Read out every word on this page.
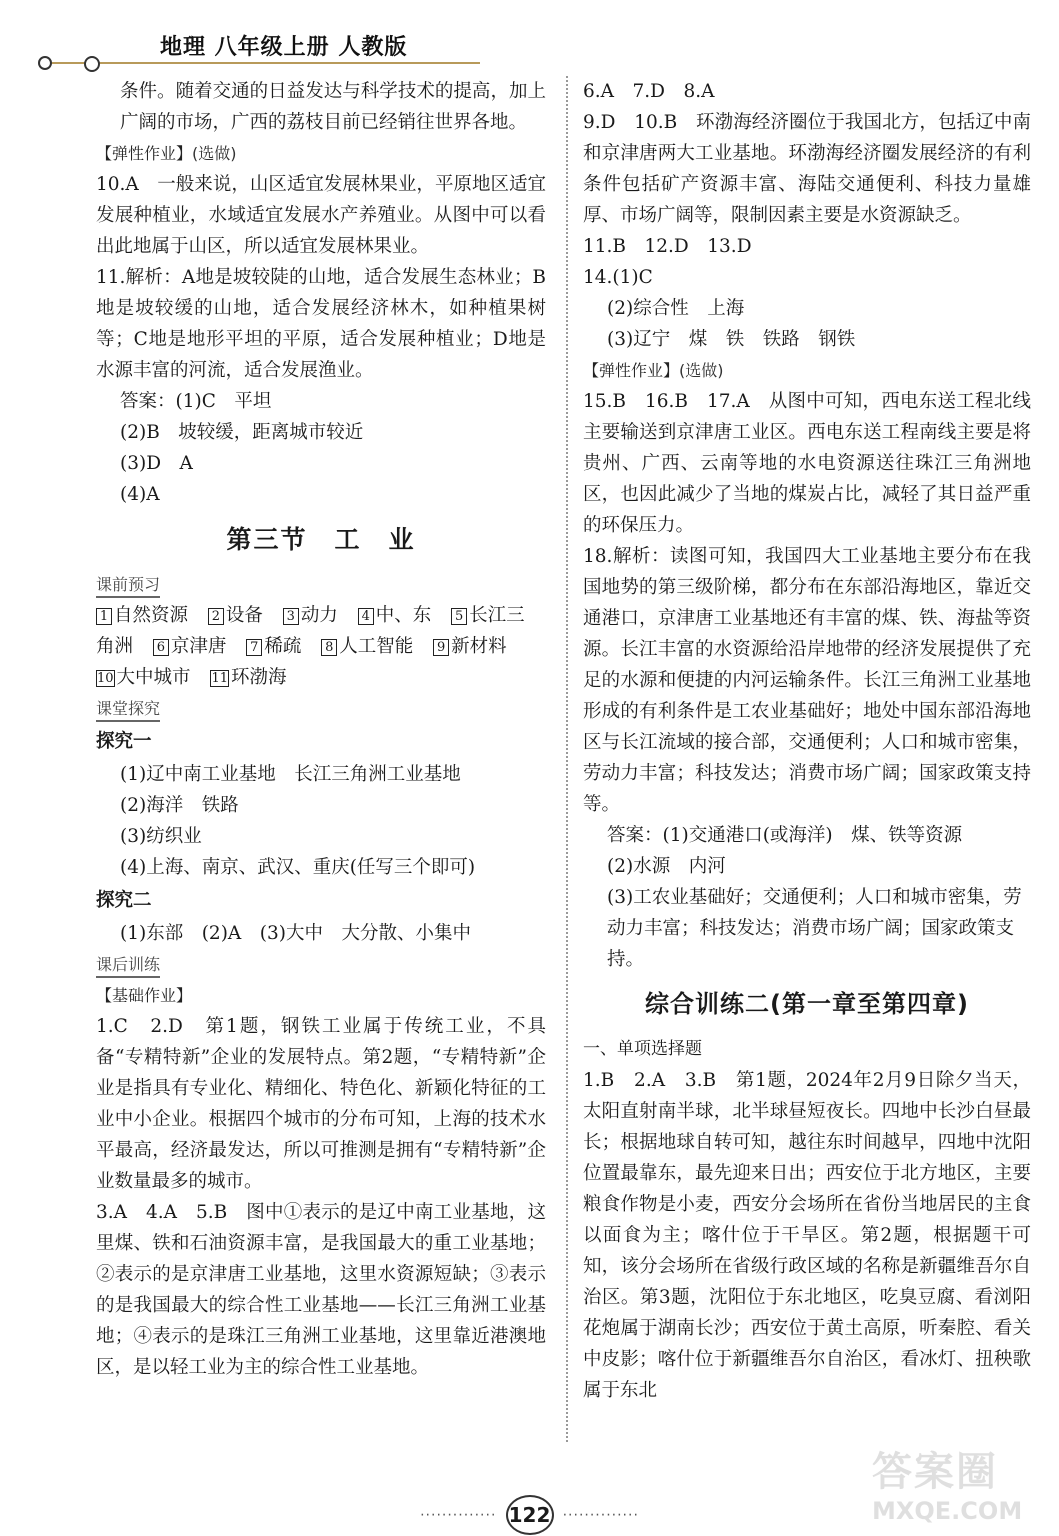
地理 八年级上册 人教版

条件。随着交通的日益发达与科学技术的提高，加上广阔的市场，广西的荔枝目前已经销往世界各地。

【弹性作业】(选做)

10.A　一般来说，山区适宜发展林果业，平原地区适宜发展种植业，水域适宜发展水产养殖业。从图中可以看出此地属于山区，所以适宜发展林果业。

11.解析：A地是坡较陡的山地，适合发展生态林业；B地是坡较缓的山地，适合发展经济林木，如种植果树等；C地是地形平坦的平原，适合发展种植业；D地是水源丰富的河流，适合发展渔业。

答案：(1)C　平坦
(2)B　坡较缓，距离城市较近
(3)D　A
(4)A
第三节　工　业
课前预习
1 自然资源 2 设备 3 动力 4 中、东 5 长江三
角洲 6 京津唐 7 稀疏 8 人工智能 9 新材料
10 大中城市 11 环渤海
课堂探究
探究一
(1)辽中南工业基地　长江三角洲工业基地
(2)海洋　铁路
(3)纺织业
(4)上海、南京、武汉、重庆(任写三个即可)
探究二
(1)东部　(2)A　(3)大中　大分散、小集中
课后训练
【基础作业】

1.C　2.D　第1题，钢铁工业属于传统工业，不具备“专精特新”企业的发展特点。第2题，“专精特新”企业是指具有专业化、精细化、特色化、新颖化特征的工业中小企业。根据四个城市的分布可知，上海的技术水平最高，经济最发达，所以可推测是拥有“专精特新”企业数量最多的城市。

3.A　4.A　5.B　图中①表示的是辽中南工业基地，这里煤、铁和石油资源丰富，是我国最大的重工业基地；②表示的是京津唐工业基地，这里水资源短缺；③表示的是我国最大的综合性工业基地——长江三角洲工业基地；④表示的是珠江三角洲工业基地，这里靠近港澳地区，是以轻工业为主的综合性工业基地。

6.A　7.D　8.A

9.D　10.B　环渤海经济圈位于我国北方，包括辽中南和京津唐两大工业基地。环渤海经济圈发展经济的有利条件包括矿产资源丰富、海陆交通便利、科技力量雄厚、市场广阔等，限制因素主要是水资源缺乏。

11.B　12.D　13.D

14.(1)C
(2)综合性　上海
(3)辽宁　煤　铁　铁路　钢铁
【弹性作业】(选做)

15.B　16.B　17.A　从图中可知，西电东送工程北线主要输送到京津唐工业区。西电东送工程南线主要是将贵州、广西、云南等地的水电资源送往珠江三角洲地区，也因此减少了当地的煤炭占比，减轻了其日益严重的环保压力。

18.解析：读图可知，我国四大工业基地主要分布在我国地势的第三级阶梯，都分布在东部沿海地区，靠近交通港口，京津唐工业基地还有丰富的煤、铁、海盐等资源。长江丰富的水资源给沿岸地带的经济发展提供了充足的水源和便捷的内河运输条件。长江三角洲工业基地形成的有利条件是工农业基础好；地处中国东部沿海地区与长江流域的接合部，交通便利；人口和城市密集，劳动力丰富；科技发达；消费市场广阔；国家政策支持等。

答案：(1)交通港口(或海洋)　煤、铁等资源
(2)水源　内河
(3)工农业基础好；交通便利；人口和城市密集，劳动力丰富；科技发达；消费市场广阔；国家政策支持。
综合训练二(第一章至第四章)
一、单项选择题

1.B　2.A　3.B　第1题，2024年2月9日除夕当天，太阳直射南半球，北半球昼短夜长。四地中长沙白昼最长；根据地球自转可知，越往东时间越早，四地中沈阳位置最靠东，最先迎来日出；西安位于北方地区，主要粮食作物是小麦，西安分会场所在省份当地居民的主食以面食为主；喀什位于干旱区。第2题，根据题干可知，该分会场所在省级行政区域的名称是新疆维吾尔自治区。第3题，沈阳位于东北地区，吃臭豆腐、看浏阳花炮属于湖南长沙；西安位于黄土高原，听秦腔、看关中皮影；喀什位于新疆维吾尔自治区，看冰灯、扭秧歌属于东北

·············· 122 ··············
答案圈
MXQE.COM
